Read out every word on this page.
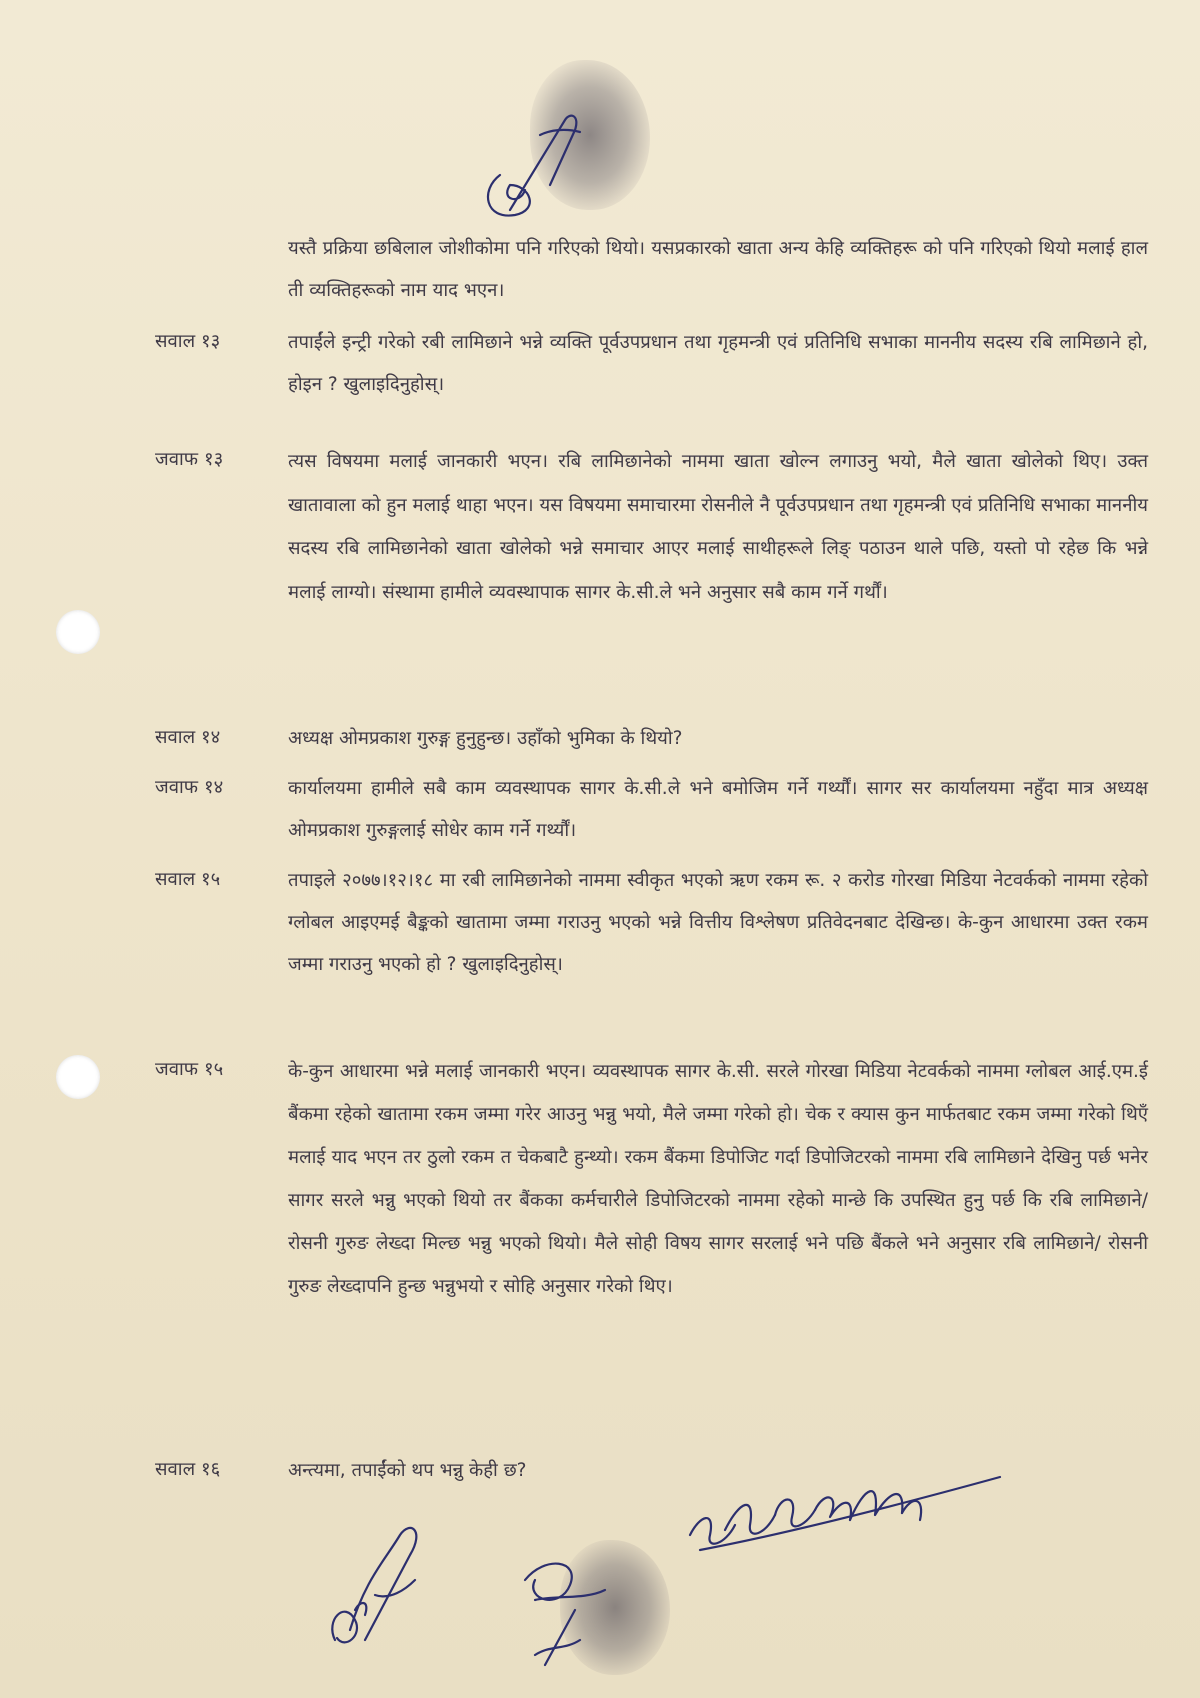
यस्तै प्रक्रिया छबिलाल जोशीकोमा पनि गरिएको थियो। यसप्रकारको खाता अन्य केहि व्यक्तिहरू को पनि गरिएको थियो मलाई हाल ती व्यक्तिहरूको नाम याद भएन।
सवाल १३	तपाईंले इन्ट्री गरेको रबी लामिछाने भन्ने व्यक्ति पूर्वउपप्रधान तथा गृहमन्त्री एवं प्रतिनिधि सभाका माननीय सदस्य रबि लामिछाने हो, होइन ? खुलाइदिनुहोस्।
जवाफ १३	त्यस विषयमा मलाई जानकारी भएन। रबि लामिछानेको नाममा खाता खोल्न लगाउनु भयो, मैले खाता खोलेको थिए। उक्त खातावाला को हुन मलाई थाहा भएन। यस विषयमा समाचारमा रोसनीले नै पूर्वउपप्रधान तथा गृहमन्त्री एवं प्रतिनिधि सभाका माननीय सदस्य रबि लामिछानेको खाता खोलेको भन्ने समाचार आएर मलाई साथीहरूले लिङ् पठाउन थाले पछि, यस्तो पो रहेछ कि भन्ने मलाई लाग्यो। संस्थामा हामीले व्यवस्थापाक सागर के.सी.ले भने अनुसार सबै काम गर्ने गर्थौं।
सवाल १४	अध्यक्ष ओमप्रकाश गुरुङ्ग हुनुहुन्छ। उहाँको भुमिका के थियो?
जवाफ १४	कार्यालयमा हामीले सबै काम व्यवस्थापक सागर के.सी.ले भने बमोजिम गर्ने गर्थ्यौं। सागर सर कार्यालयमा नहुँदा मात्र अध्यक्ष ओमप्रकाश गुरुङ्गलाई सोधेर काम गर्ने गर्थ्यौं।
सवाल १५	तपाइले २०७७।१२।१८ मा रबी लामिछानेको नाममा स्वीकृत भएको ऋण रकम रू. २ करोड गोरखा मिडिया नेटवर्कको नाममा रहेको ग्लोबल आइएमई बैङ्कको खातामा जम्मा गराउनु भएको भन्ने वित्तीय विश्लेषण प्रतिवेदनबाट देखिन्छ। के-कुन आधारमा उक्त रकम जम्मा गराउनु भएको हो ? खुलाइदिनुहोस्।
जवाफ १५	के-कुन आधारमा भन्ने मलाई जानकारी भएन। व्यवस्थापक सागर के.सी. सरले गोरखा मिडिया नेटवर्कको नाममा ग्लोबल आई.एम.ई बैंकमा रहेको खातामा रकम जम्मा गरेर आउनु भन्नु भयो, मैले जम्मा गरेको हो। चेक र क्यास कुन मार्फतबाट रकम जम्मा गरेको थिएँ मलाई याद भएन तर ठुलो रकम त चेकबाटै हुन्थ्यो। रकम बैंकमा डिपोजिट गर्दा डिपोजिटरको नाममा रबि लामिछाने देखिनु पर्छ भनेर सागर सरले भन्नु भएको थियो तर बैंकका कर्मचारीले डिपोजिटरको नाममा रहेको मान्छे कि उपस्थित हुनु पर्छ कि रबि लामिछाने/ रोसनी गुरुङ लेख्दा मिल्छ भन्नु भएको थियो। मैले सोही विषय सागर सरलाई भने पछि बैंकले भने अनुसार रबि लामिछाने/ रोसनी गुरुङ लेख्दापनि हुन्छ भन्नुभयो र सोहि अनुसार गरेको थिए।
सवाल १६	अन्त्यमा, तपाईंको थप भन्नु केही छ?
